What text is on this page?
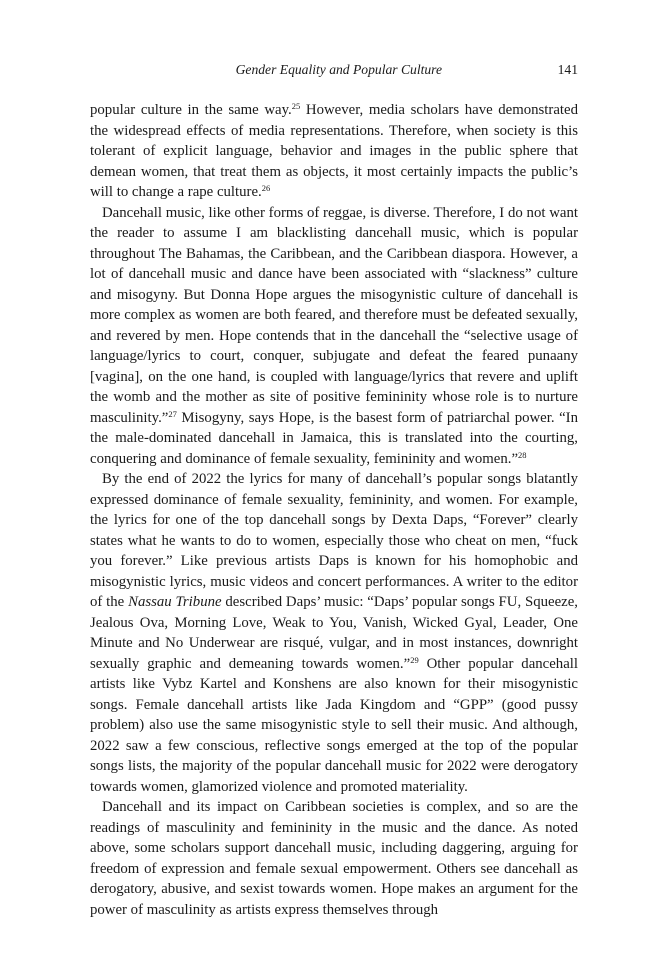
Gender Equality and Popular Culture	141

popular culture in the same way.$^{25}$ However, media scholars have demonstrated the widespread effects of media representations. Therefore, when society is this tolerant of explicit language, behavior and images in the public sphere that demean women, that treat them as objects, it most certainly impacts the public’s will to change a rape culture.$^{26}$

Dancehall music, like other forms of reggae, is diverse. Therefore, I do not want the reader to assume I am blacklisting dancehall music, which is popular throughout The Bahamas, the Caribbean, and the Caribbean diaspora. However, a lot of dancehall music and dance have been associated with “slackness” culture and misogyny. But Donna Hope argues the misogynistic culture of dancehall is more complex as women are both feared, and therefore must be defeated sexually, and revered by men. Hope contends that in the dancehall the “selective usage of language/lyrics to court, conquer, subjugate and defeat the feared punaany [vagina], on the one hand, is coupled with language/lyrics that revere and uplift the womb and the mother as site of positive femininity whose role is to nurture masculinity.”$^{27}$ Misogyny, says Hope, is the basest form of patriarchal power. “In the male-dominated dancehall in Jamaica, this is translated into the courting, conquering and dominance of female sexuality, femininity and women.”$^{28}$

By the end of 2022 the lyrics for many of dancehall’s popular songs blatantly expressed dominance of female sexuality, femininity, and women. For example, the lyrics for one of the top dancehall songs by Dexta Daps, “Forever” clearly states what he wants to do to women, especially those who cheat on men, “fuck you forever.” Like previous artists Daps is known for his homophobic and misogynistic lyrics, music videos and concert performances. A writer to the editor of the Nassau Tribune described Daps’ music: “Daps’ popular songs FU, Squeeze, Jealous Ova, Morning Love, Weak to You, Vanish, Wicked Gyal, Leader, One Minute and No Underwear are risqué, vulgar, and in most instances, downright sexually graphic and demeaning towards women.”$^{29}$ Other popular dancehall artists like Vybz Kartel and Konshens are also known for their misogynistic songs. Female dancehall artists like Jada Kingdom and “GPP” (good pussy problem) also use the same misogynistic style to sell their music. And although, 2022 saw a few conscious, reflective songs emerged at the top of the popular songs lists, the majority of the popular dancehall music for 2022 were derogatory towards women, glamorized violence and promoted materiality.

Dancehall and its impact on Caribbean societies is complex, and so are the readings of masculinity and femininity in the music and the dance. As noted above, some scholars support dancehall music, including daggering, arguing for freedom of expression and female sexual empowerment. Others see dancehall as derogatory, abusive, and sexist towards women. Hope makes an argument for the power of masculinity as artists express themselves through
